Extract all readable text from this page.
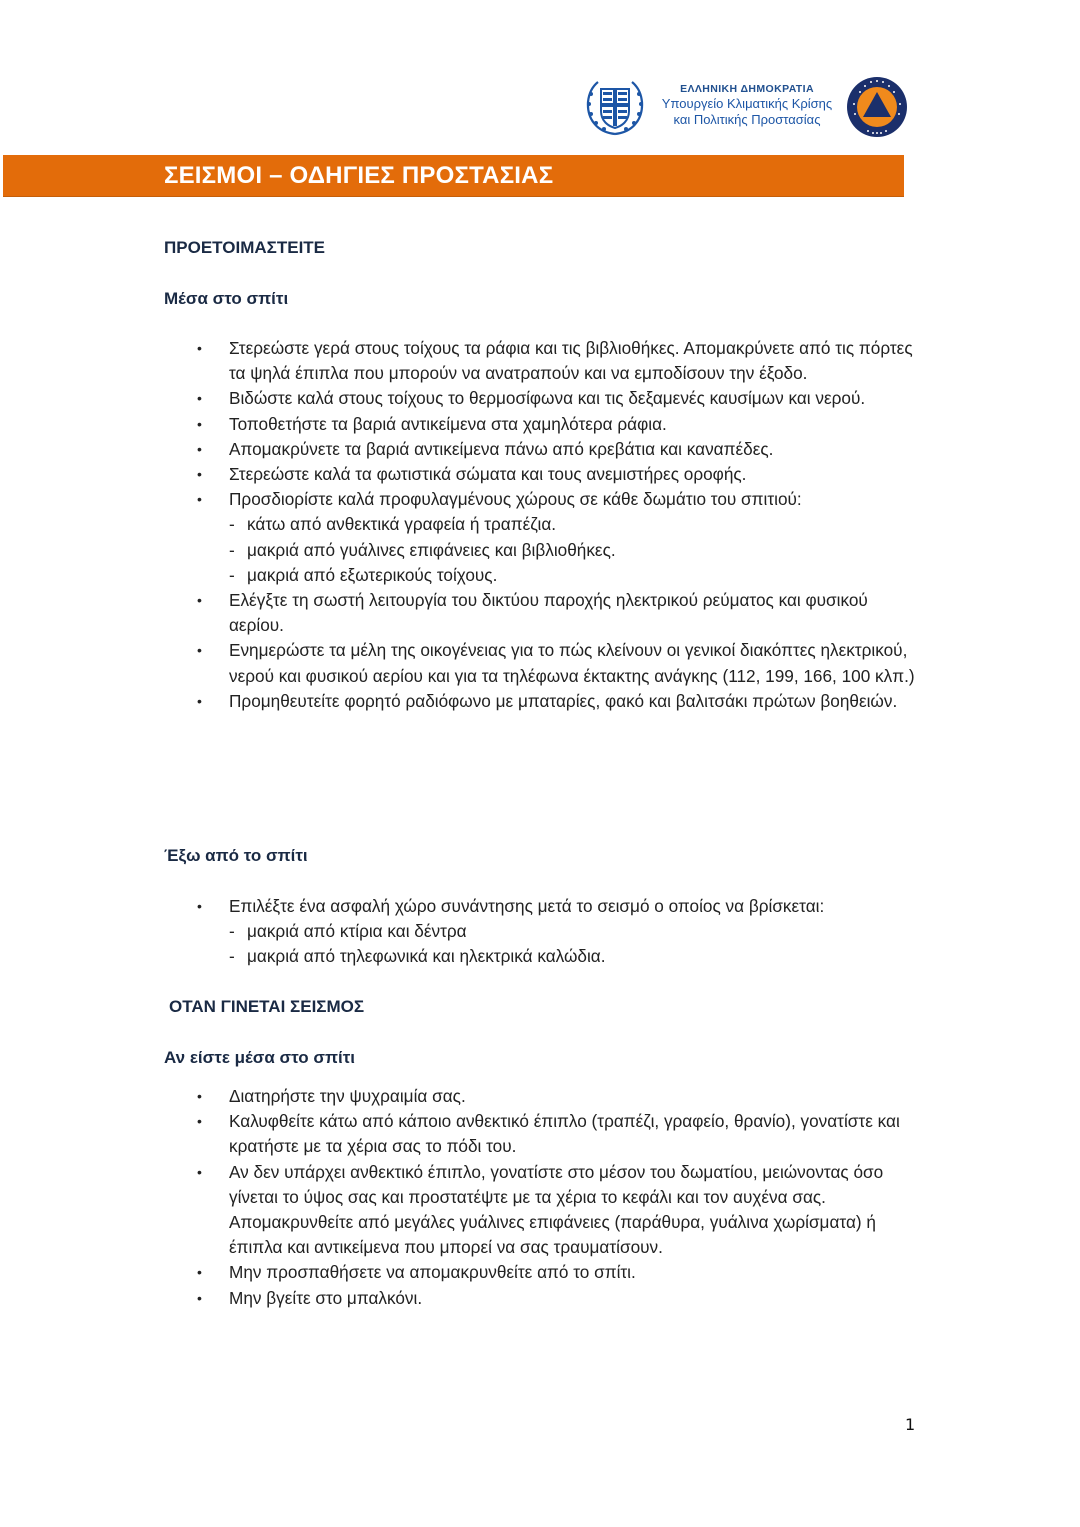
ΕΛΛΗΝΙΚΗ ΔΗΜΟΚΡΑΤΙΑ
Υπουργείο Κλιματικής Κρίσης
και Πολιτικής Προστασίας
ΣΕΙΣΜΟΙ – ΟΔΗΓΙΕΣ ΠΡΟΣΤΑΣΙΑΣ
ΠΡΟΕΤΟΙΜΑΣΤΕΙΤΕ
Μέσα στο σπίτι
• Στερεώστε γερά στους τοίχους τα ράφια και τις βιβλιοθήκες. Απομακρύνετε από τις πόρτες τα ψηλά έπιπλα που μπορούν να ανατραπούν και να εμποδίσουν την έξοδο.
• Βιδώστε καλά στους τοίχους το θερμοσίφωνα και τις δεξαμενές καυσίμων και νερού.
• Τοποθετήστε τα βαριά αντικείμενα στα χαμηλότερα ράφια.
• Απομακρύνετε τα βαριά αντικείμενα πάνω από κρεβάτια και καναπέδες.
• Στερεώστε καλά τα φωτιστικά σώματα και τους ανεμιστήρες οροφής.
• Προσδιορίστε καλά προφυλαγμένους χώρους σε κάθε δωμάτιο του σπιτιού:
- κάτω από ανθεκτικά γραφεία ή τραπέζια.
- μακριά από γυάλινες επιφάνειες και βιβλιοθήκες.
- μακριά από εξωτερικούς τοίχους.
• Ελέγξτε τη σωστή λειτουργία του δικτύου παροχής ηλεκτρικού ρεύματος και φυσικού αερίου.
• Ενημερώστε τα μέλη της οικογένειας για το πώς κλείνουν οι γενικοί διακόπτες ηλεκτρικού, νερού και φυσικού αερίου και για τα τηλέφωνα έκτακτης ανάγκης (112, 199, 166, 100 κλπ.)
• Προμηθευτείτε φορητό ραδιόφωνο με μπαταρίες, φακό και βαλιτσάκι πρώτων βοηθειών.
Έξω από το σπίτι
• Επιλέξτε ένα ασφαλή χώρο συνάντησης μετά το σεισμό ο οποίος να βρίσκεται:
- μακριά από κτίρια και δέντρα
- μακριά από τηλεφωνικά και ηλεκτρικά καλώδια.
ΟΤΑΝ ΓΙΝΕΤΑΙ ΣΕΙΣΜΟΣ
Αν είστε μέσα στο σπίτι
• Διατηρήστε την ψυχραιμία σας.
• Καλυφθείτε κάτω από κάποιο ανθεκτικό έπιπλο (τραπέζι, γραφείο, θρανίο), γονατίστε και κρατήστε με τα χέρια σας το πόδι του.
• Αν δεν υπάρχει ανθεκτικό έπιπλο, γονατίστε στο μέσον του δωματίου, μειώνοντας όσο γίνεται το ύψος σας και προστατέψτε με τα χέρια το κεφάλι και τον αυχένα σας. Απομακρυνθείτε από μεγάλες γυάλινες επιφάνειες (παράθυρα, γυάλινα χωρίσματα) ή έπιπλα και αντικείμενα που μπορεί να σας τραυματίσουν.
• Μην προσπαθήσετε να απομακρυνθείτε από το σπίτι.
• Μην βγείτε στο μπαλκόνι.
1
